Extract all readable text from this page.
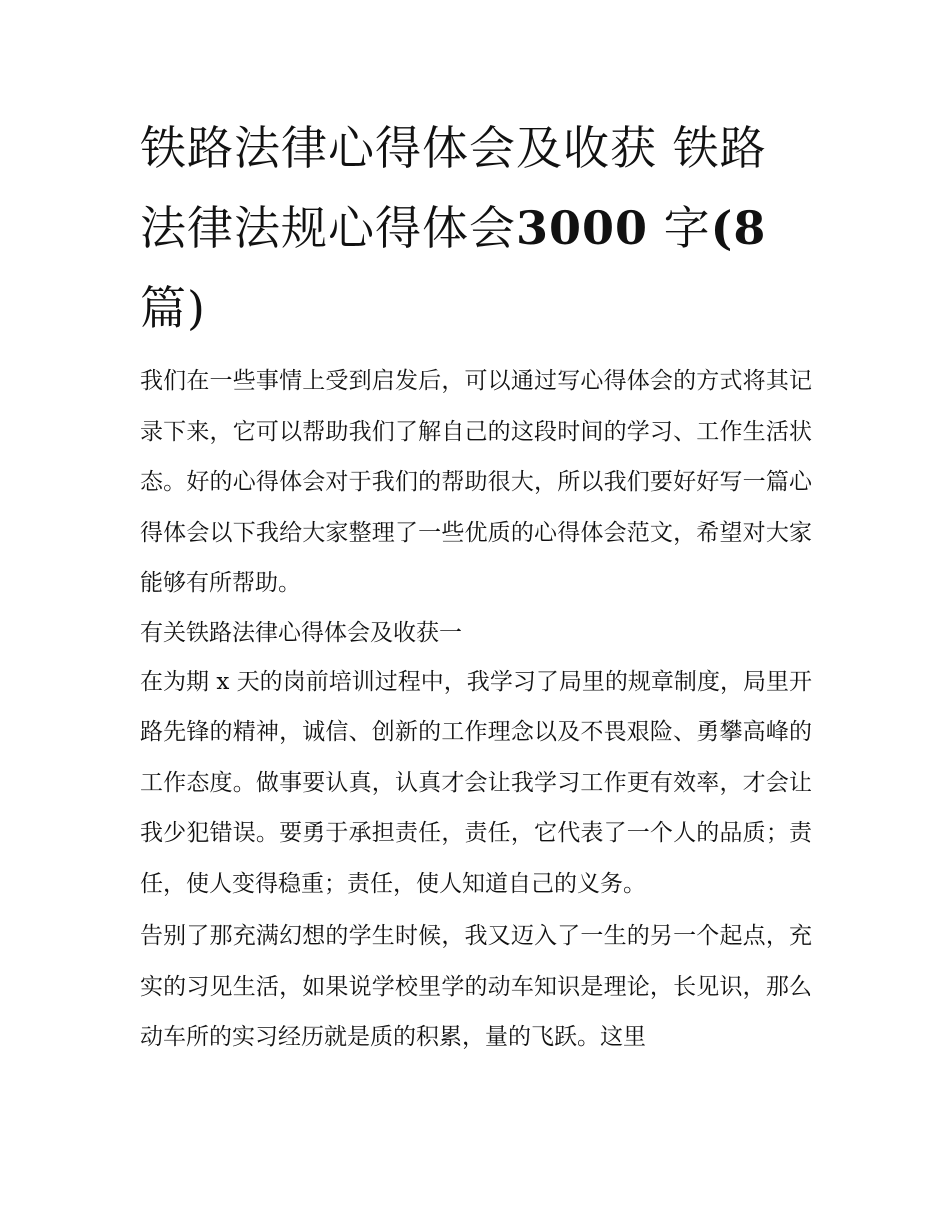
铁路法律心得体会及收获 铁路法律法规心得体会3000 字(8
篇)

我们在一些事情上受到启发后，可以通过写心得体会的方式将其记录下来，它可以帮助我们了解自己的这段时间的学习、工作生活状态。好的心得体会对于我们的帮助很大，所以我们要好好写一篇心得体会以下我给大家整理了一些优质的心得体会范文，希望对大家能够有所帮助。

有关铁路法律心得体会及收获一

在为期 x 天的岗前培训过程中，我学习了局里的规章制度，局里开路先锋的精神，诚信、创新的工作理念以及不畏艰险、勇攀高峰的工作态度。做事要认真，认真才会让我学习工作更有效率，才会让我少犯错误。要勇于承担责任，责任，它代表了一个人的品质；责任，使人变得稳重；责任，使人知道自己的义务。

告别了那充满幻想的学生时候，我又迈入了一生的另一个起点，充实的习见生活，如果说学校里学的动车知识是理论，长见识，那么动车所的实习经历就是质的积累，量的飞跃。这里
